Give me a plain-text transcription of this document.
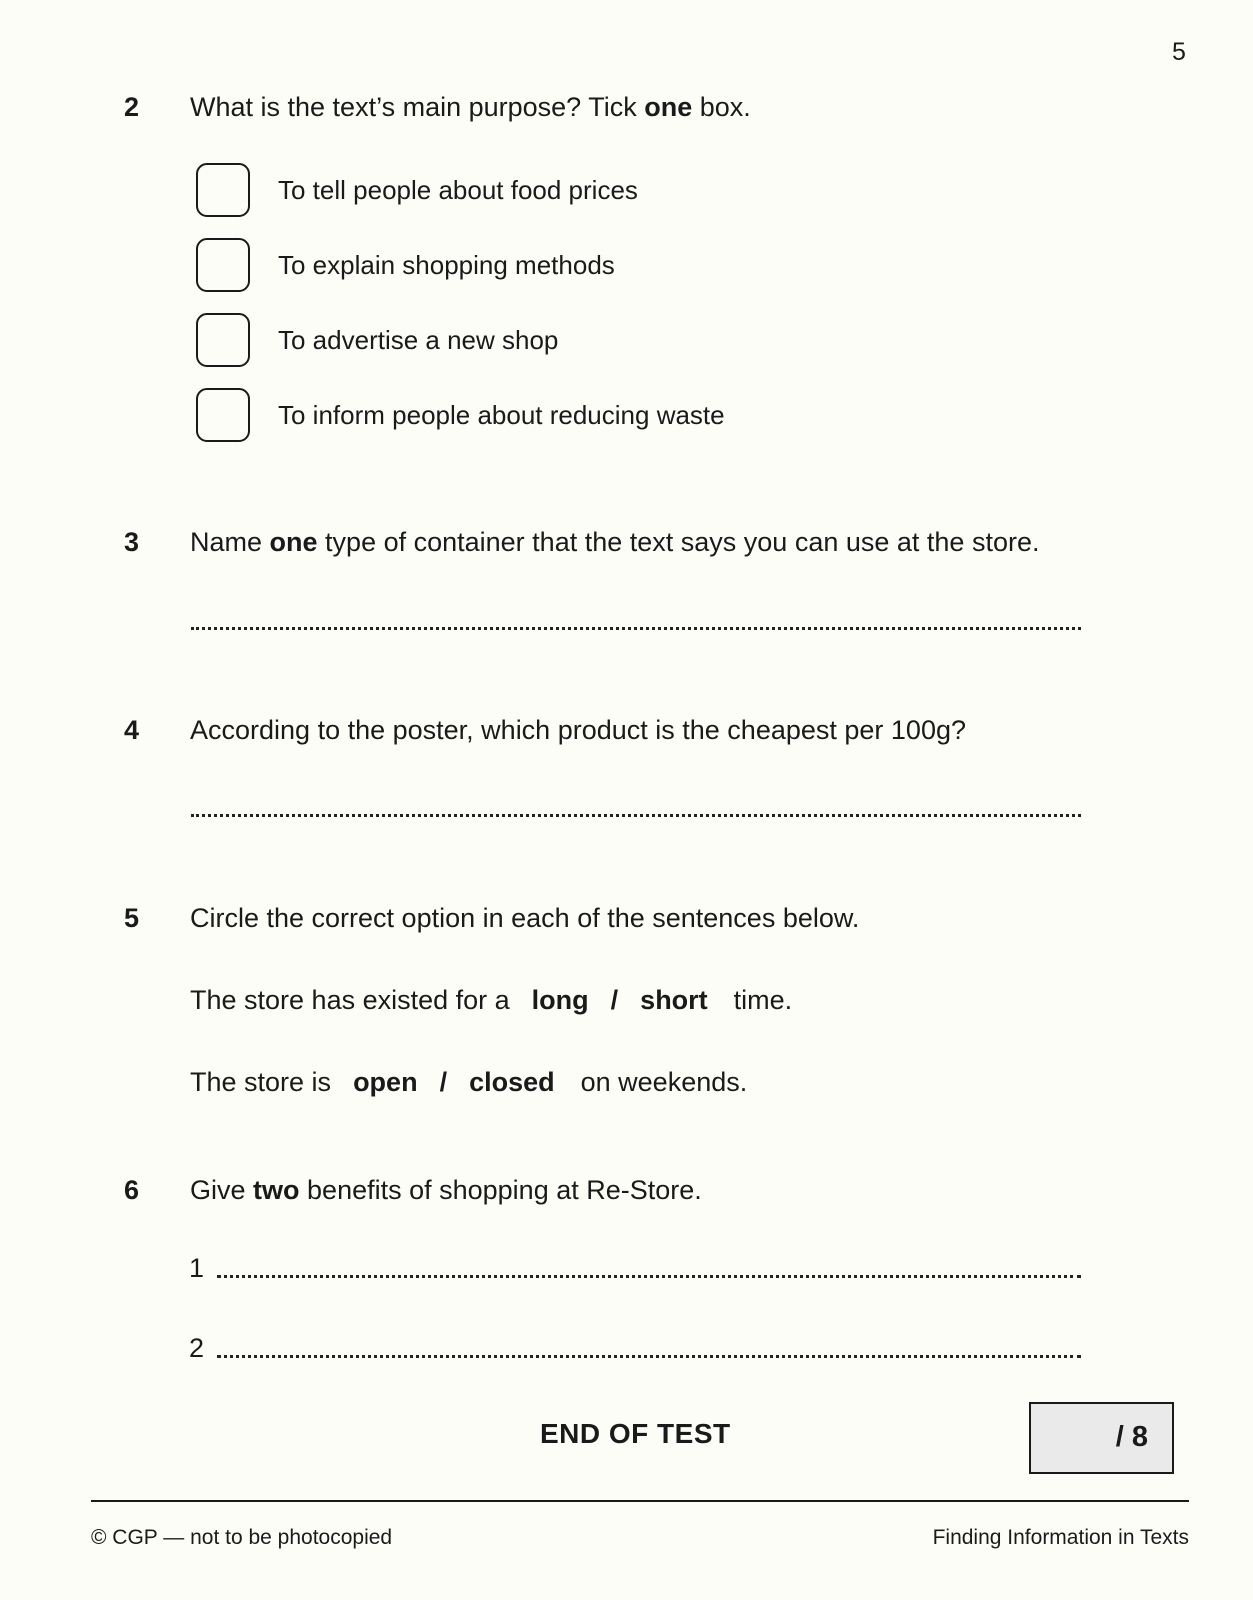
5
2 What is the text’s main purpose? Tick one box.
To tell people about food prices
To explain shopping methods
To advertise a new shop
To inform people about reducing waste
3 Name one type of container that the text says you can use at the store.
4 According to the poster, which product is the cheapest per 100g?
5 Circle the correct option in each of the sentences below.
The store has existed for a long / short time.
The store is open / closed on weekends.
6 Give two benefits of shopping at Re-Store.
1
2
END OF TEST	/ 8
© CGP — not to be photocopied	Finding Information in Texts
